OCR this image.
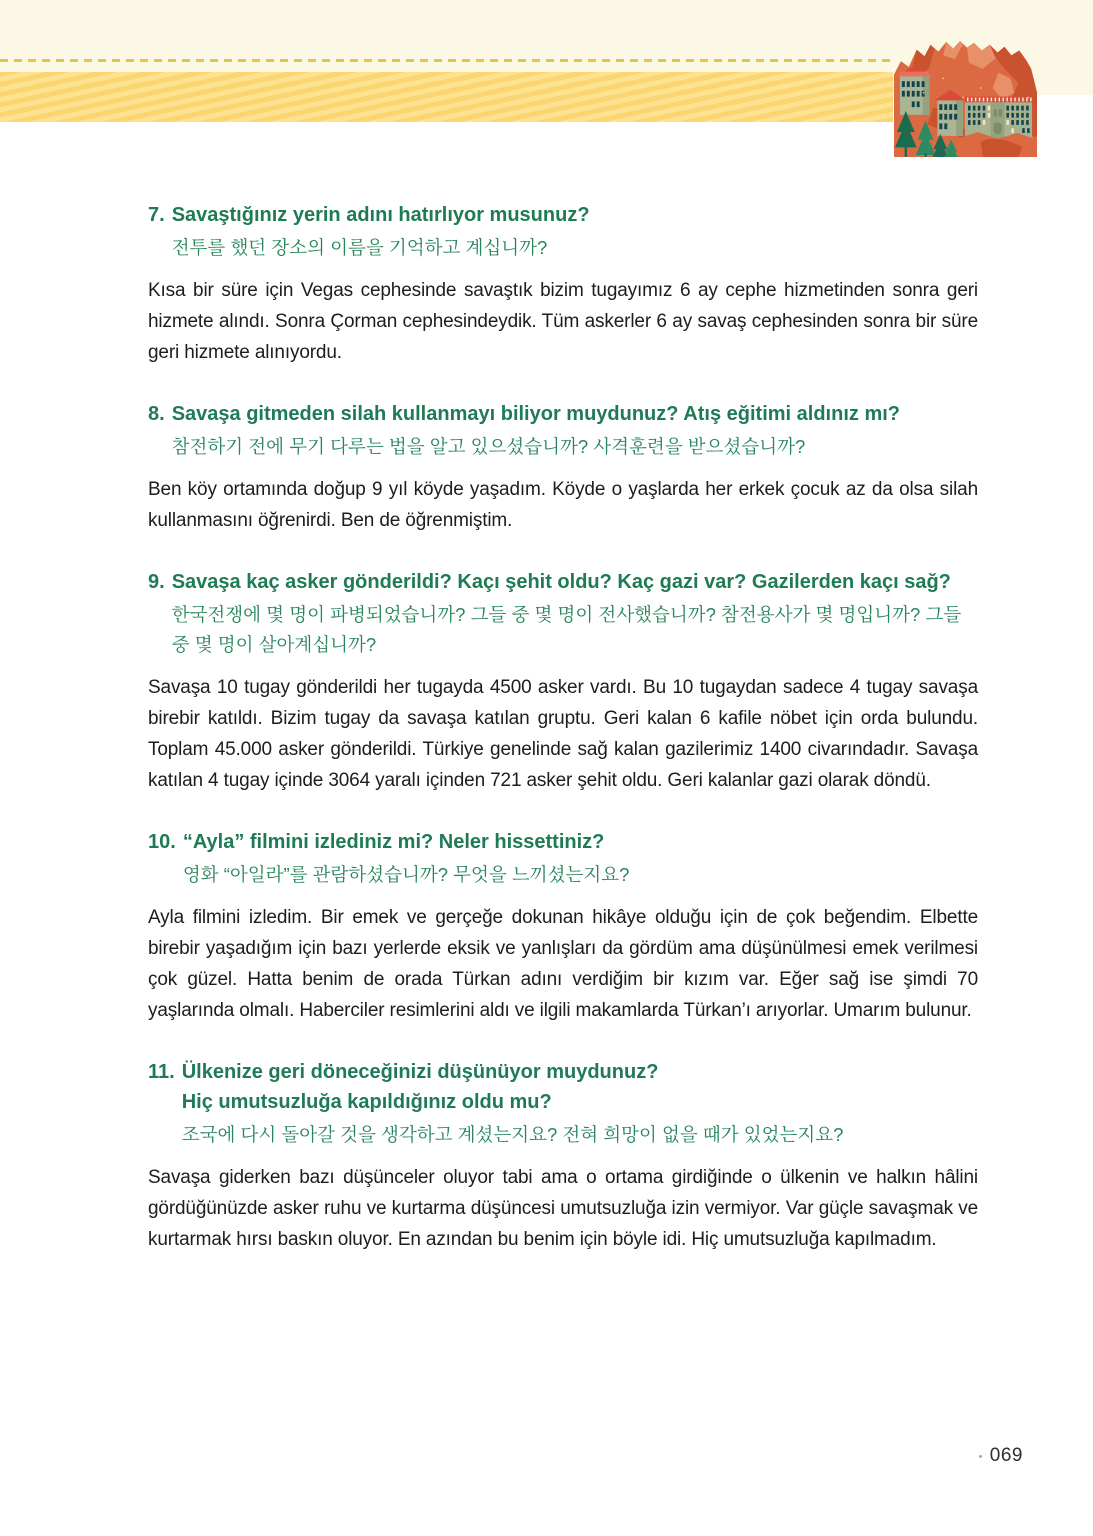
7. Savaştığınız yerin adını hatırlıyor musunuz?
전투를 했던 장소의 이름을 기억하고 계십니까?

Kısa bir süre için Vegas cephesinde savaştık bizim tugayımız 6 ay cephe hizmetinden sonra geri hizmete alındı. Sonra Çorman cephesindeydik. Tüm askerler 6 ay savaş cephesinden sonra bir süre geri hizmete alınıyordu.

8. Savaşa gitmeden silah kullanmayı biliyor muydunuz? Atış eğitimi aldınız mı?
참전하기 전에 무기 다루는 법을 알고 있으셨습니까? 사격훈련을 받으셨습니까?

Ben köy ortamında doğup 9 yıl köyde yaşadım. Köyde o yaşlarda her erkek çocuk az da olsa silah kullanmasını öğrenirdi. Ben de öğrenmiştim.

9. Savaşa kaç asker gönderildi? Kaçı şehit oldu? Kaç gazi var? Gazilerden kaçı sağ?
한국전쟁에 몇 명이 파병되었습니까? 그들 중 몇 명이 전사했습니까? 참전용사가 몇 명입니까? 그들 중 몇 명이 살아계십니까?

Savaşa 10 tugay gönderildi her tugayda 4500 asker vardı. Bu 10 tugaydan sadece 4 tugay savaşa birebir katıldı. Bizim tugay da savaşa katılan gruptu. Geri kalan 6 kafile nöbet için orda bulundu. Toplam 45.000 asker gönderildi. Türkiye genelinde sağ kalan gazilerimiz 1400 civarındadır. Savaşa katılan 4 tugay içinde 3064 yaralı içinden 721 asker şehit oldu. Geri kalanlar gazi olarak döndü.

10. “Ayla” filmini izlediniz mi? Neler hissettiniz?
영화 “아일라”를 관람하셨습니까? 무엇을 느끼셨는지요?

Ayla filmini izledim. Bir emek ve gerçeğe dokunan hikâye olduğu için de çok beğendim. Elbette birebir yaşadığım için bazı yerlerde eksik ve yanlışları da gördüm ama düşünülmesi emek verilmesi çok güzel. Hatta benim de orada Türkan adını verdiğim bir kızım var. Eğer sağ ise şimdi 70 yaşlarında olmalı. Haberciler resimlerini aldı ve ilgili makamlarda Türkan’ı arıyorlar. Umarım bulunur.

11. Ülkenize geri döneceğinizi düşünüyor muydunuz?
Hiç umutsuzluğa kapıldığınız oldu mu?
조국에 다시 돌아갈 것을 생각하고 계셨는지요? 전혀 희망이 없을 때가 있었는지요?

Savaşa giderken bazı düşünceler oluyor tabi ama o ortama girdiğinde o ülkenin ve halkın hâlini gördüğünüzde asker ruhu ve kurtarma düşüncesi umutsuzluğa izin vermiyor. Var güçle savaşmak ve kurtarmak hırsı baskın oluyor. En azından bu benim için böyle idi. Hiç umutsuzluğa kapılmadım.

069
